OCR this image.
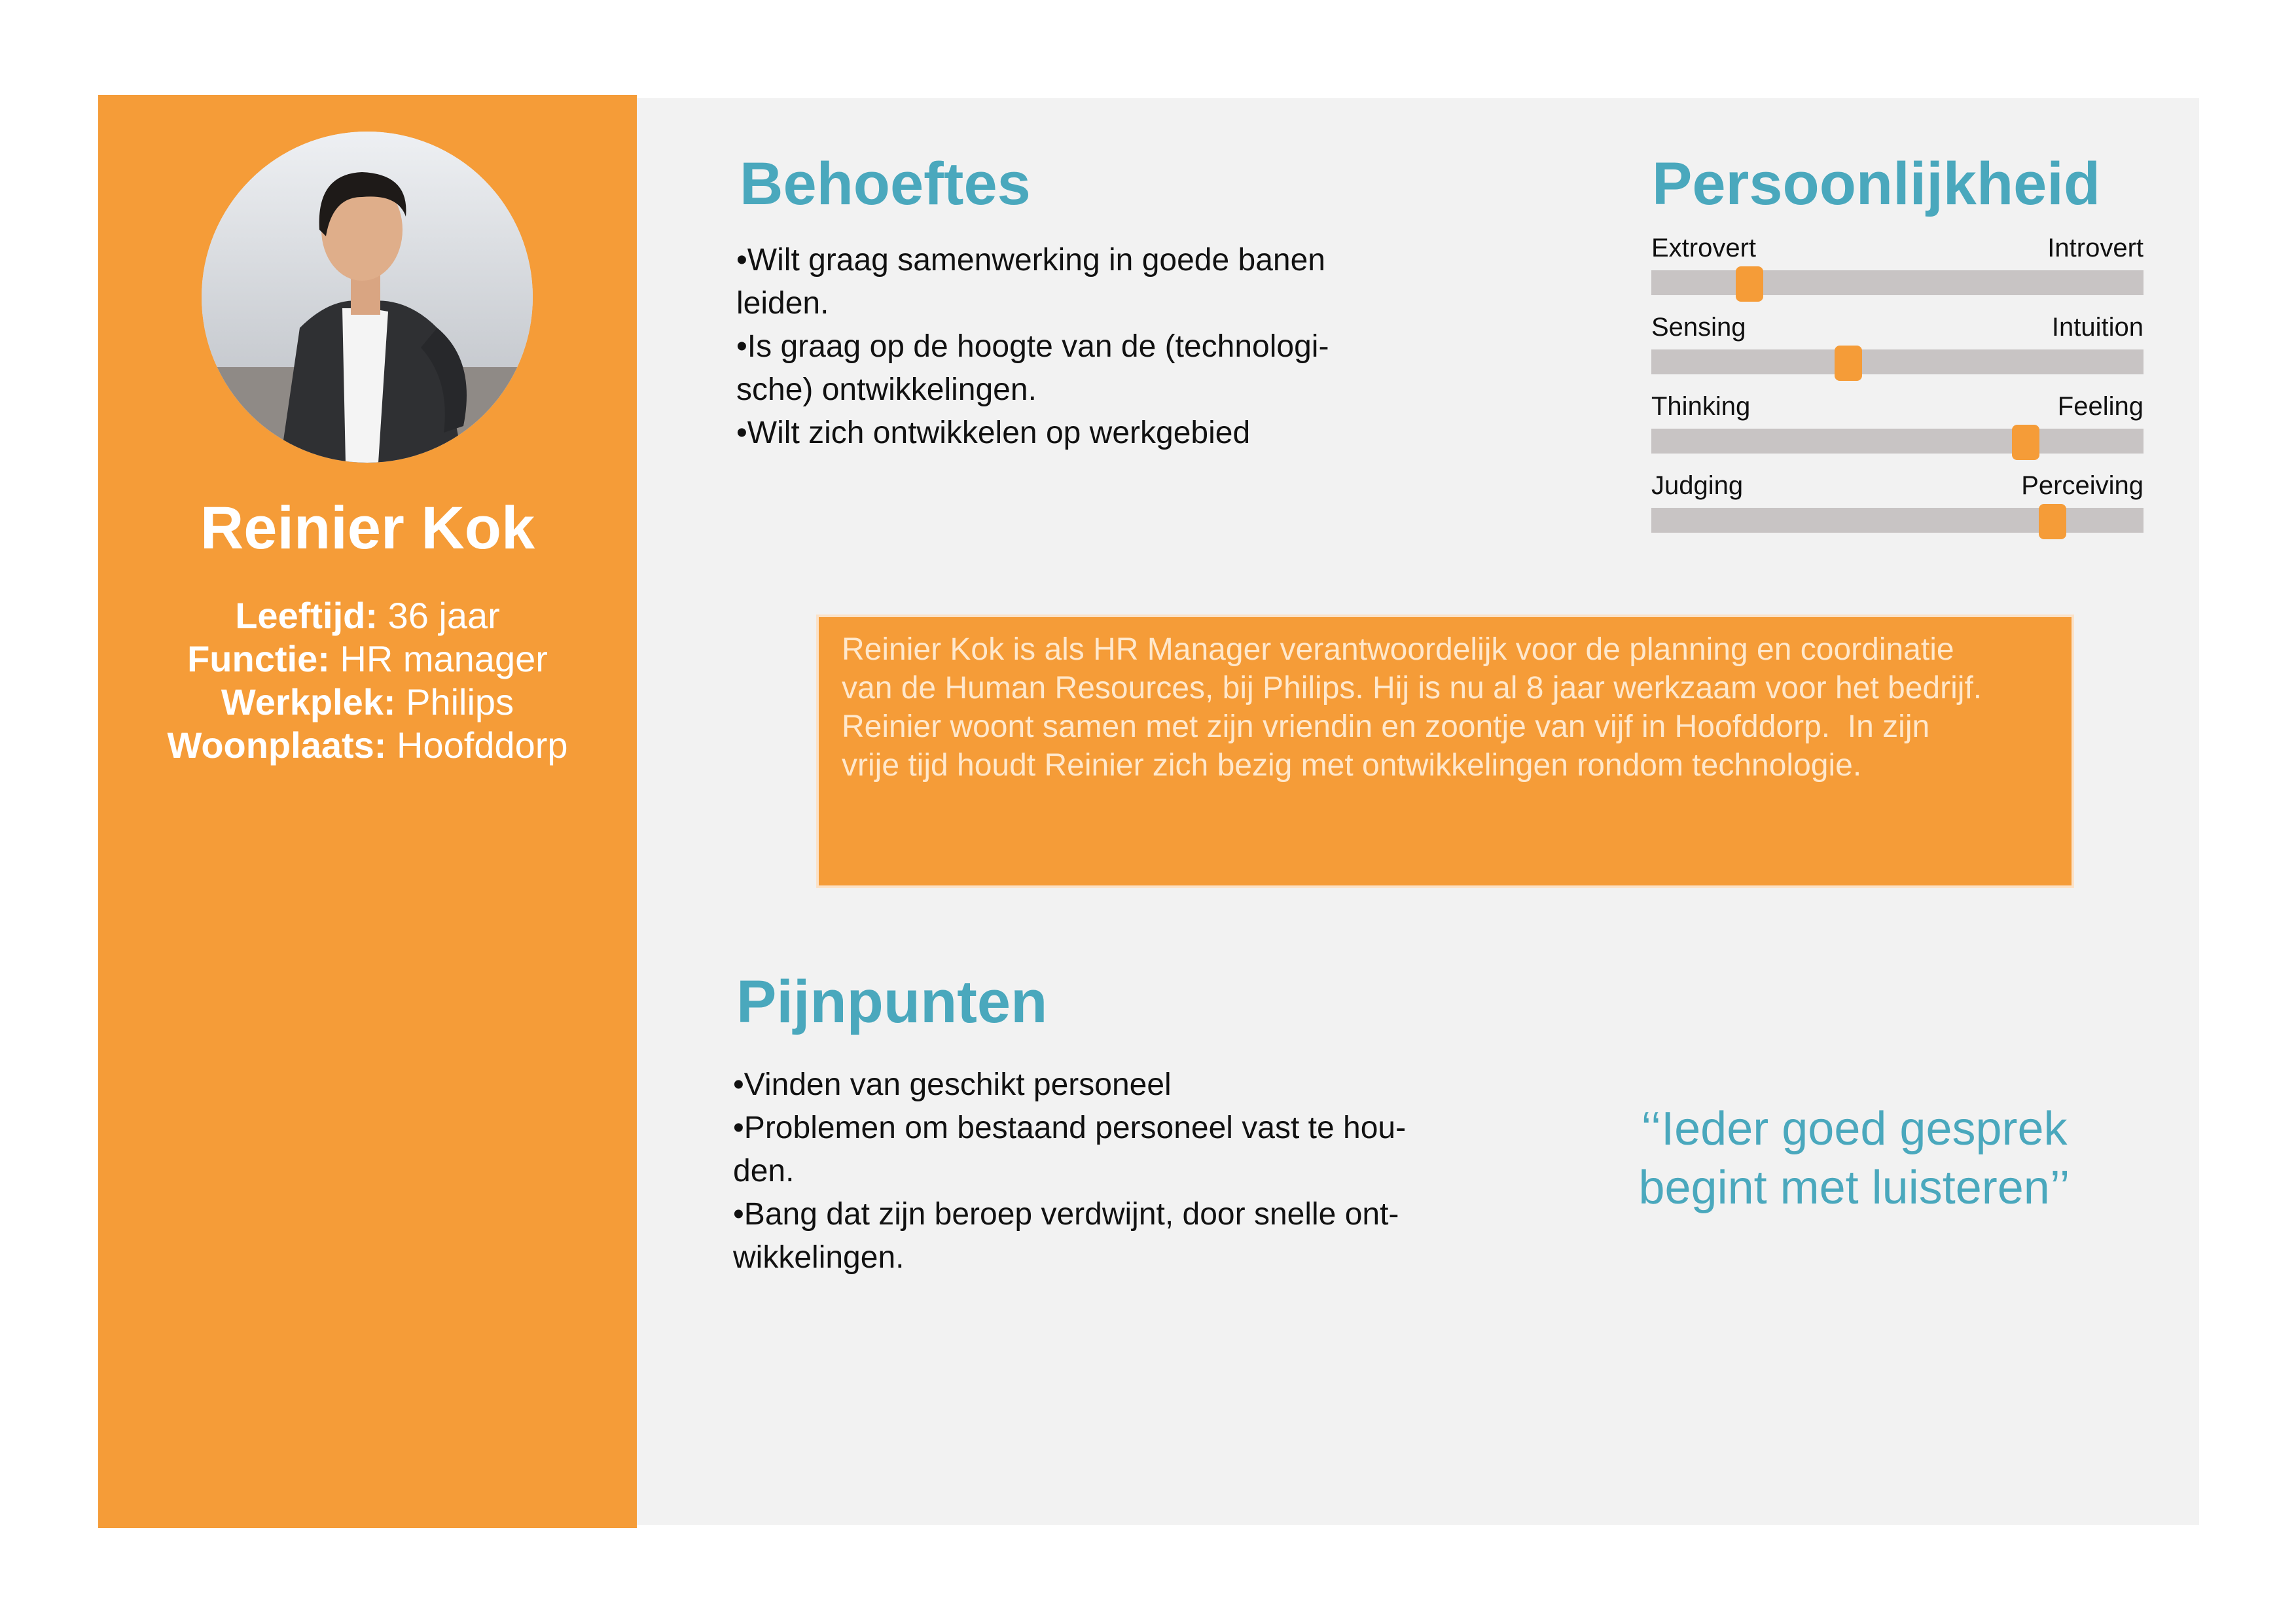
Reinier Kok
Leeftijd: 36 jaar
Functie: HR manager
Werkplek: Philips
Woonplaats: Hoofddorp
Behoeftes
•Wilt graag samenwerking in goede banen
leiden.
•Is graag op de hoogte van de (technologi-
sche) ontwikkelingen.
•Wilt zich ontwikkelen op werkgebied
Persoonlijkheid
Extrovert	Introvert
Sensing	Intuition
Thinking	Feeling
Judging	Perceiving
Reinier Kok is als HR Manager verantwoordelijk voor de planning en coordinatie
van de Human Resources, bij Philips. Hij is nu al 8 jaar werkzaam voor het bedrijf.
Reinier woont samen met zijn vriendin en zoontje van vijf in Hoofddorp.  In zijn
vrije tijd houdt Reinier zich bezig met ontwikkelingen rondom technologie.
Pijnpunten
•Vinden van geschikt personeel
•Problemen om bestaand personeel vast te hou-
den.
•Bang dat zijn beroep verdwijnt, door snelle ont-
wikkelingen.
‘‘Ieder goed gesprek
begint met luisteren’’
